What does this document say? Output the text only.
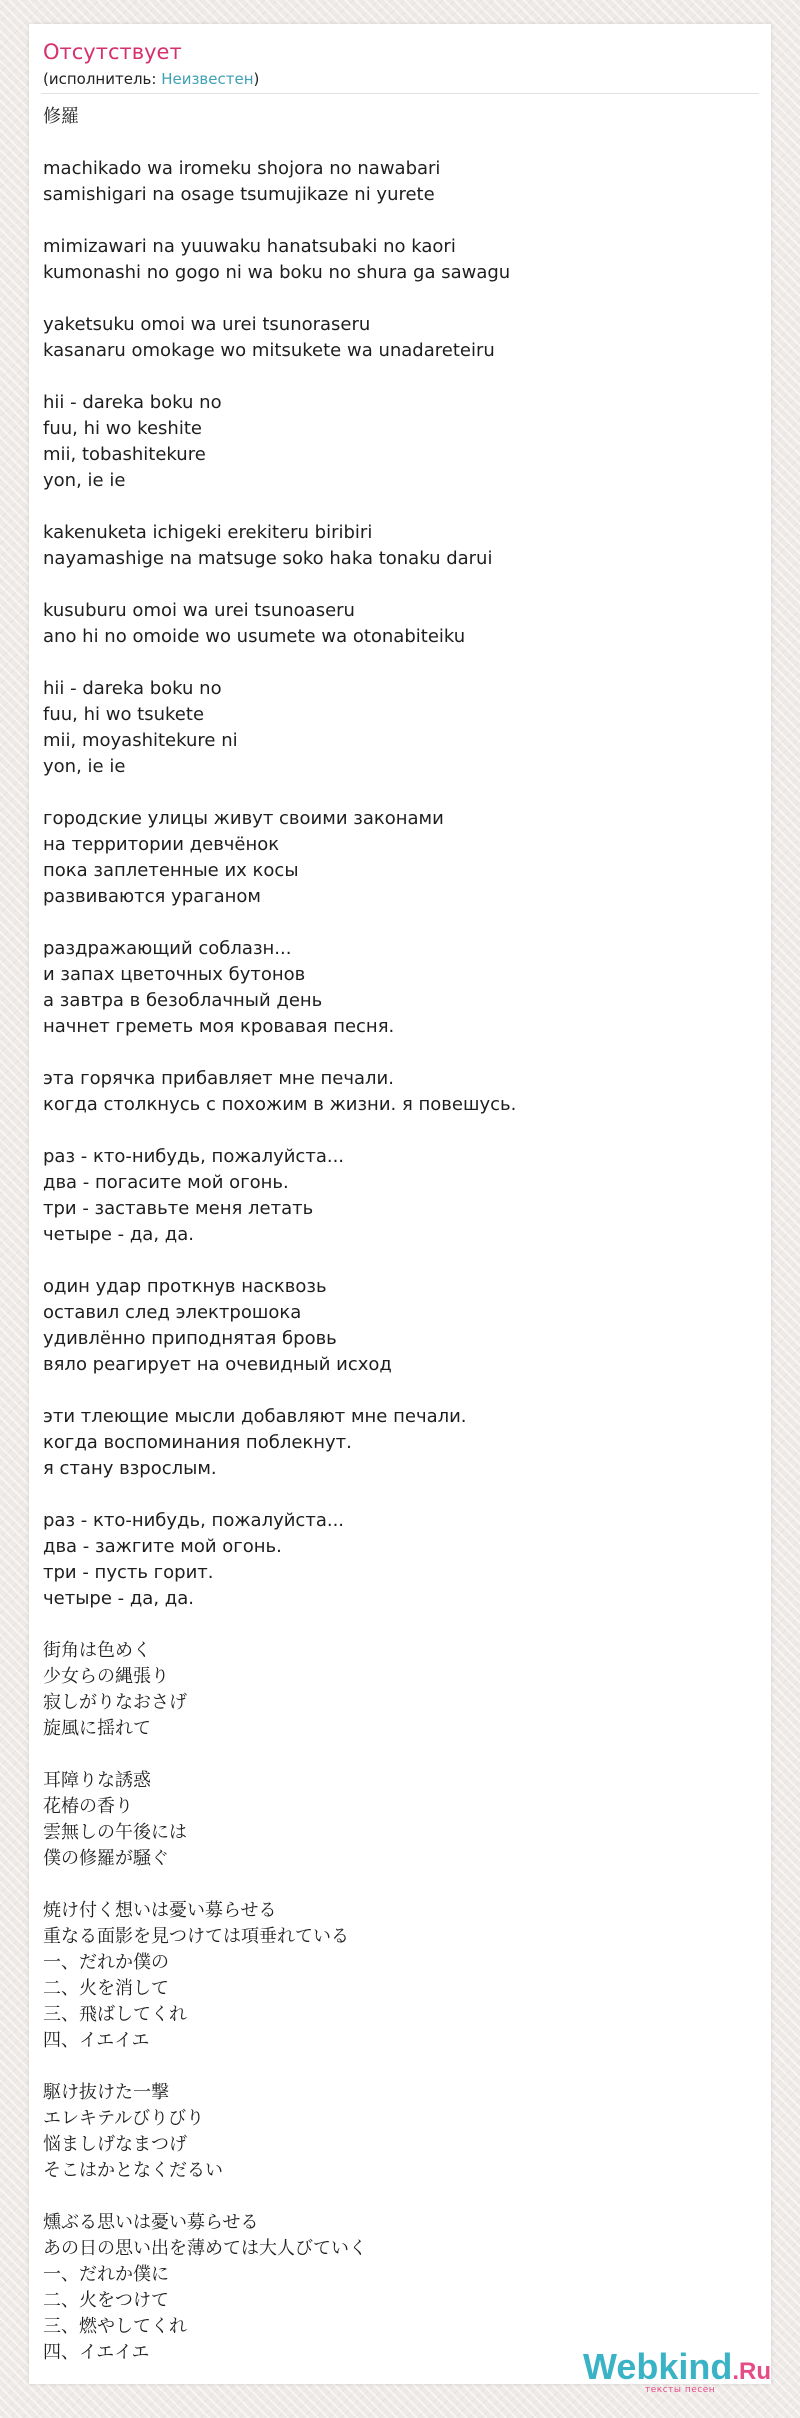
Отсутствует
(исполнитель: Неизвестен)
修羅
machikado wa iromeku shojora no nawabari
samishigari na osage tsumujikaze ni yurete
mimizawari na yuuwaku hanatsubaki no kaori
kumonashi no gogo ni wa boku no shura ga sawagu
yaketsuku omoi wa urei tsunoraseru
kasanaru omokage wo mitsukete wa unadareteiru
hii - dareka boku no
fuu, hi wo keshite
mii, tobashitekure
yon, ie ie
kakenuketa ichigeki erekiteru biribiri
nayamashige na matsuge soko haka tonaku darui
kusuburu omoi wa urei tsunoaseru
ano hi no omoide wo usumete wa otonabiteiku
hii - dareka boku no
fuu, hi wo tsukete
mii, moyashitekure ni
yon, ie ie
городские улицы живут своими законами
на территории девчёнок
пока заплетенные их косы
развиваются ураганом
раздражающий соблазн...
и запах цветочных бутонов
а завтра в безоблачный день
начнет греметь моя кровавая песня.
эта горячка прибавляет мне печали.
когда столкнусь с похожим в жизни. я повешусь.
раз - кто-нибудь, пожалуйста...
два - погасите мой огонь.
три - заставьте меня летать
четыре - да, да.
один удар проткнув насквозь
оставил след электрошока
удивлённо приподнятая бровь
вяло реагирует на очевидный исход
эти тлеющие мысли добавляют мне печали.
когда воспоминания поблекнут.
я стану взрослым.
раз - кто-нибудь, пожалуйста...
два - зажгите мой огонь.
три - пусть горит.
четыре - да, да.
街角は色めく
少女らの縄張り
寂しがりなおさげ
旋風に揺れて
耳障りな誘惑
花椿の香り
雲無しの午後には
僕の修羅が騒ぐ
焼け付く想いは憂い募らせる
重なる面影を見つけては項垂れている
一、だれか僕の
二、火を消して
三、飛ばしてくれ
四、イエイエ
駆け抜けた一撃
エレキテルびりびり
悩ましげなまつげ
そこはかとなくだるい
燻ぶる思いは憂い募らせる
あの日の思い出を薄めては大人びていく
一、だれか僕に
二、火をつけて
三、燃やしてくれ
四、イエイエ	Webkind.Ru
тексты песен
